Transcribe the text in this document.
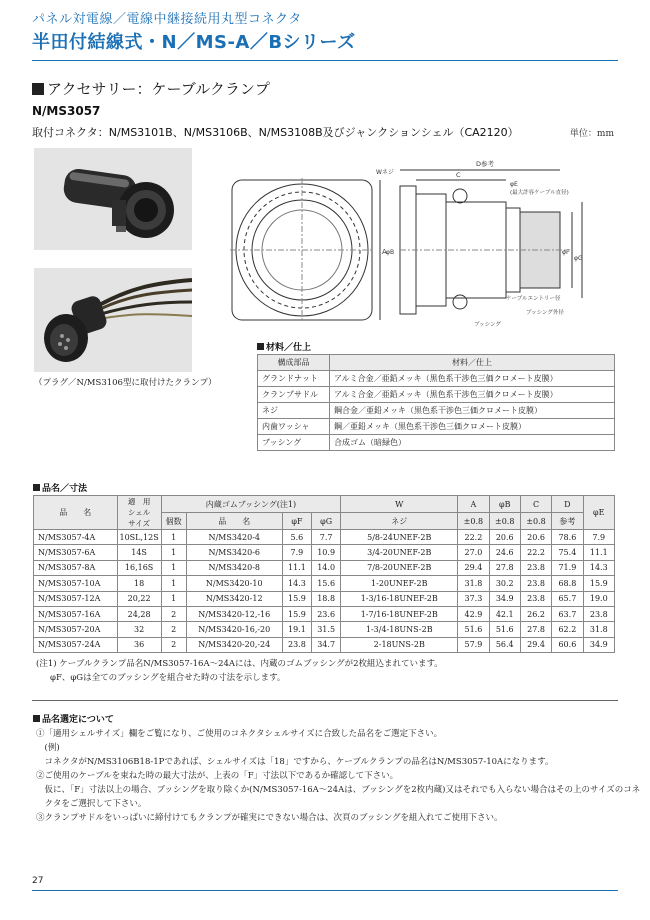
パネル対電線／電線中継接続用丸型コネクタ
半田付結線式・N／MS-A／Bシリーズ
アクセサリー：ケーブルクランプ
N/MS3057
取付コネクタ：N/MS3101B、N/MS3106B、N/MS3108B及びジャンクションシェル（CA2120）	単位：mm
（プラグ／N/MS3106型に取付けたクランプ）
A
D参考
C
Wネジ
φB	φF
φG
φE
(最大許容ケーブル直径)
ケーブルエントリー径
ブッシング外径
ブッシング
材料／仕上
構成部品	材料／仕上
グランドナット	アルミ合金／亜鉛メッキ（黒色系干渉色三価クロメート皮膜）
クランプサドル	アルミ合金／亜鉛メッキ（黒色系干渉色三価クロメート皮膜）
ネジ	鋼合金／亜鉛メッキ（黒色系干渉色三価クロメート皮膜）
内歯ワッシャ	鋼／亜鉛メッキ（黒色系干渉色三価クロメート皮膜）
ブッシング	合成ゴム（暗緑色）
品名／寸法
品　　名	適　用
シェル
サイズ	内蔵ゴムブッシング(注1)				W	A	φB	C	D	φE
		個数	品　　名	φF	φG	ネジ	±0.8	±0.8	±0.8	参考	
N/MS3057-4A	10SL,12S	1	N/MS3420-4	5.6	7.7	5/8-24UNEF-2B	22.2	20.6	20.6	78.6	7.9
N/MS3057-6A	14S	1	N/MS3420-6	7.9	10.9	3/4-20UNEF-2B	27.0	24.6	22.2	75.4	11.1
N/MS3057-8A	16,16S	1	N/MS3420-8	11.1	14.0	7/8-20UNEF-2B	29.4	27.8	23.8	71.9	14.3
N/MS3057-10A	18	1	N/MS3420-10	14.3	15.6	1-20UNEF-2B	31.8	30.2	23.8	68.8	15.9
N/MS3057-12A	20,22	1	N/MS3420-12	15.9	18.8	1-3/16-18UNEF-2B	37.3	34.9	23.8	65.7	19.0
N/MS3057-16A	24,28	2	N/MS3420-12,-16	15.9	23.6	1-7/16-18UNEF-2B	42.9	42.1	26.2	63.7	23.8
N/MS3057-20A	32	2	N/MS3420-16,-20	19.1	31.5	1-3/4-18UNS-2B	51.6	51.6	27.8	62.2	31.8
N/MS3057-24A	36	2	N/MS3420-20,-24	23.8	34.7	2-18UNS-2B	57.9	56.4	29.4	60.6	34.9
(注1) ケーブルクランプ品名N/MS3057-16A～24Aには、内蔵のゴムブッシングが2枚組込まれています。
φF、φGは全てのブッシングを組合せた時の寸法を示します。
品名選定について
①「適用シェルサイズ」欄をご覧になり、ご使用のコネクタシェルサイズに合致した品名をご選定下さい。
　(例)
　コネクタがN/MS3106B18-1Pであれば、シェルサイズは「18」ですから、ケーブルクランプの品名はN/MS3057-10Aになります。
②ご使用のケーブルを束ねた時の最大寸法が、上表の「F」寸法以下であるか確認して下さい。
　仮に、「F」寸法以上の場合、ブッシングを取り除くか(N/MS3057-16A～24Aは、ブッシングを2枚内蔵)又はそれでも入らない場合はその上のサイズのコネ
　クタをご選択して下さい。
③クランプサドルをいっぱいに締付けてもクランプが確実にできない場合は、次頁のブッシングを組入れてご使用下さい。
27
